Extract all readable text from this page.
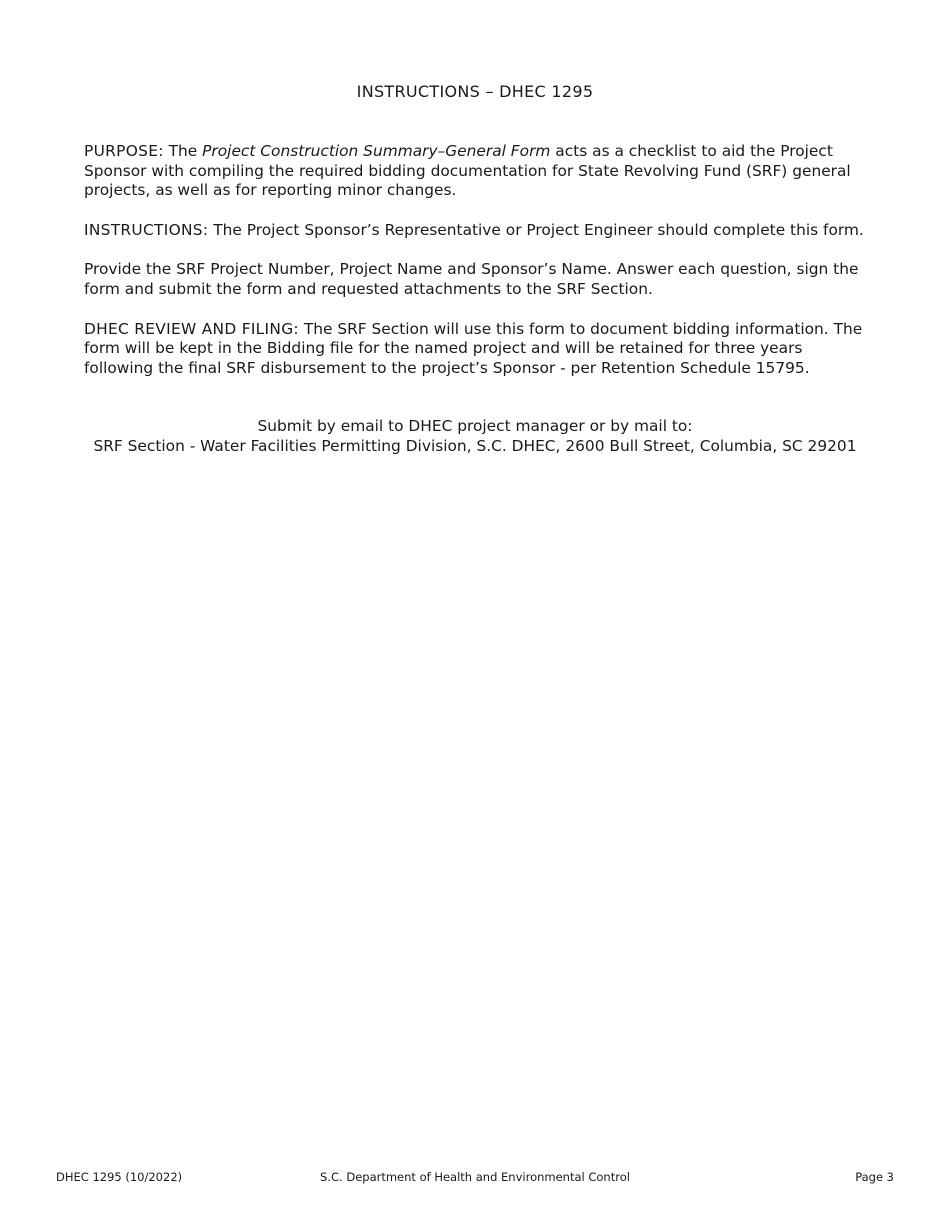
INSTRUCTIONS – DHEC 1295

PURPOSE: The Project Construction Summary–General Form acts as a checklist to aid the Project Sponsor with compiling the required bidding documentation for State Revolving Fund (SRF) general projects, as well as for reporting minor changes.

INSTRUCTIONS: The Project Sponsor’s Representative or Project Engineer should complete this form.

Provide the SRF Project Number, Project Name and Sponsor’s Name. Answer each question, sign the form and submit the form and requested attachments to the SRF Section.

DHEC REVIEW AND FILING: The SRF Section will use this form to document bidding information. The form will be kept in the Bidding file for the named project and will be retained for three years following the final SRF disbursement to the project’s Sponsor - per Retention Schedule 15795.

Submit by email to DHEC project manager or by mail to:
SRF Section - Water Facilities Permitting Division, S.C. DHEC, 2600 Bull Street, Columbia, SC 29201
DHEC 1295 (10/2022)	S.C. Department of Health and Environmental Control	Page 3
